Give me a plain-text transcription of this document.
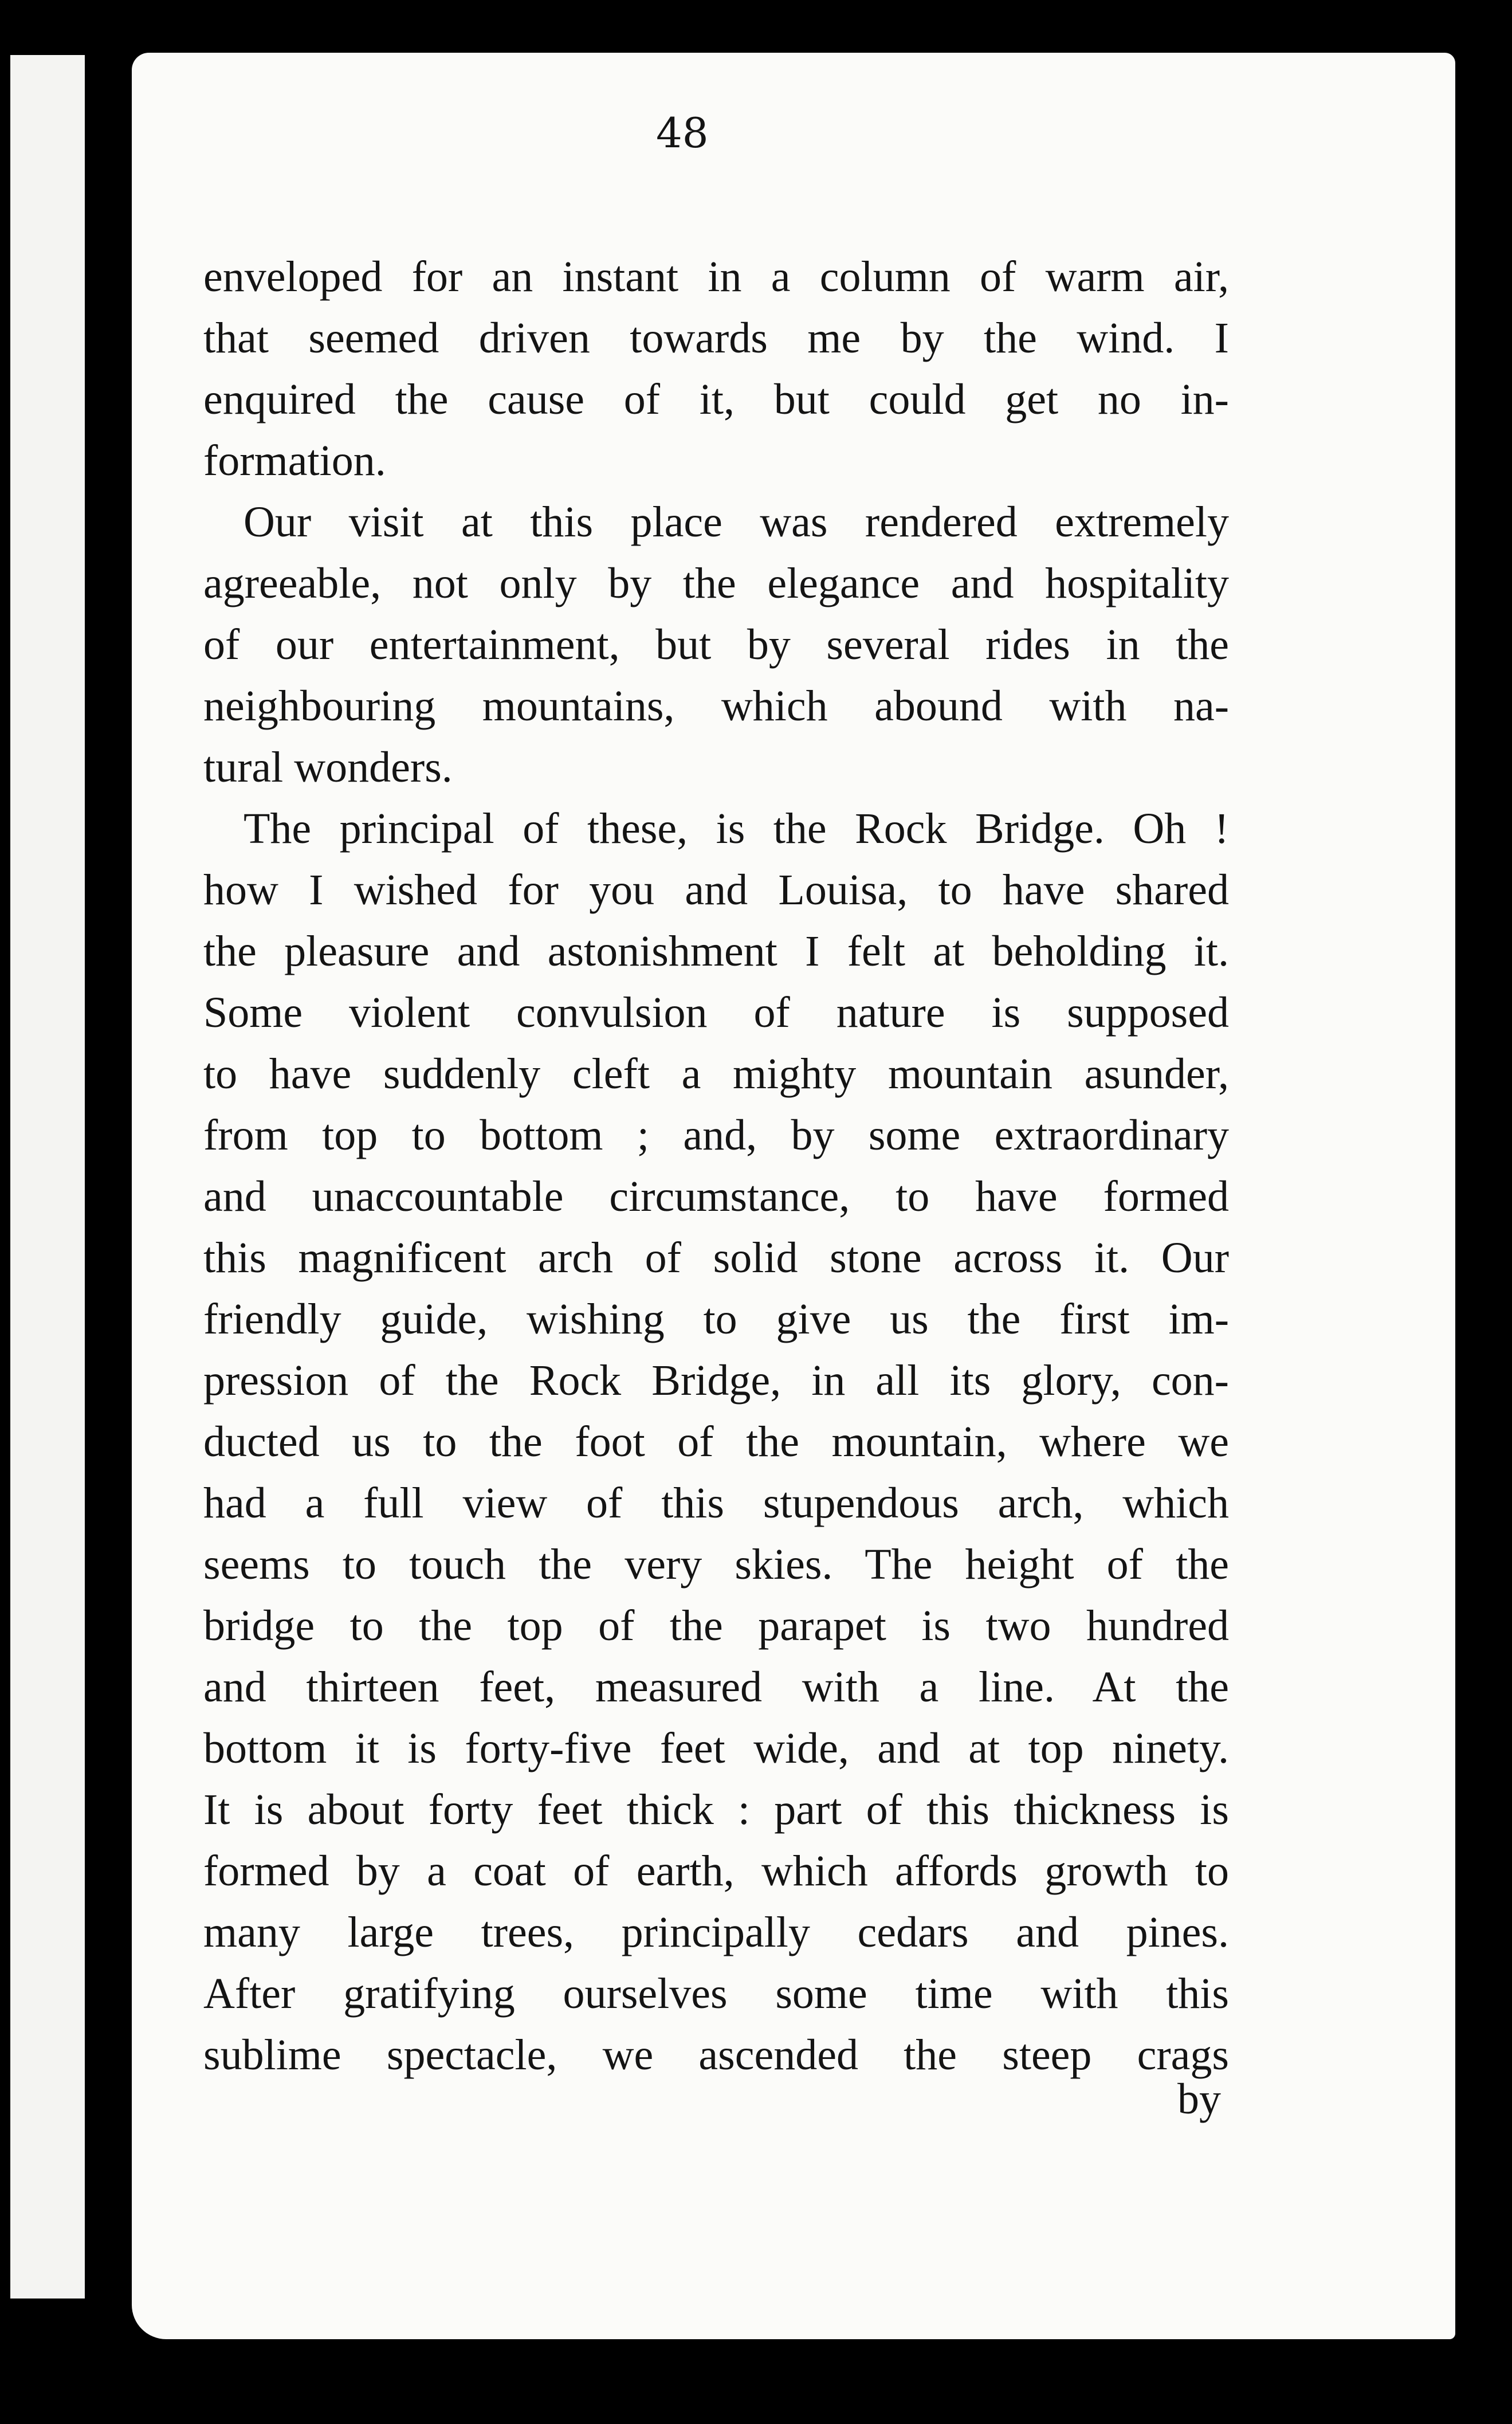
48

enveloped for an instant in a column of warm air,
that seemed driven towards me by the wind. I
enquired the cause of it, but could get no in-
formation.
Our visit at this place was rendered extremely
agreeable, not only by the elegance and hospitality
of our entertainment, but by several rides in the
neighbouring mountains, which abound with na-
tural wonders.
The principal of these, is the Rock Bridge. Oh !
how I wished for you and Louisa, to have shared
the pleasure and astonishment I felt at beholding it.
Some violent convulsion of nature is supposed
to have suddenly cleft a mighty mountain asunder,
from top to bottom ; and, by some extraordinary
and unaccountable circumstance, to have formed
this magnificent arch of solid stone across it. Our
friendly guide, wishing to give us the first im-
pression of the Rock Bridge, in all its glory, con-
ducted us to the foot of the mountain, where we
had a full view of this stupendous arch, which
seems to touch the very skies. The height of the
bridge to the top of the parapet is two hundred
and thirteen feet, measured with a line. At the
bottom it is forty-five feet wide, and at top ninety.
It is about forty feet thick : part of this thickness is
formed by a coat of earth, which affords growth to
many large trees, principally cedars and pines.
After gratifying ourselves some time with this
sublime spectacle, we ascended the steep crags

by
